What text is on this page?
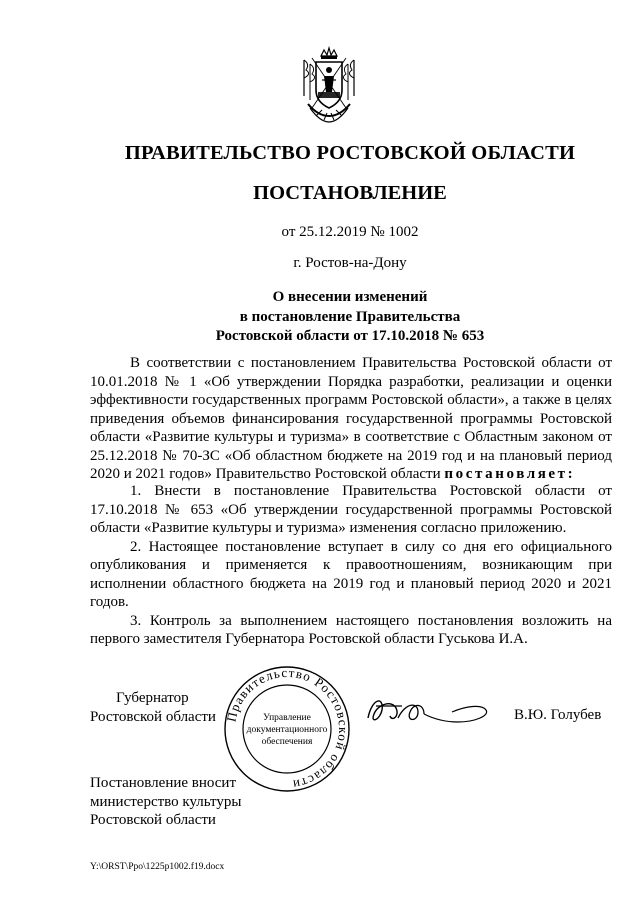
ПРАВИТЕЛЬСТВО РОСТОВСКОЙ ОБЛАСТИ
ПОСТАНОВЛЕНИЕ
от 25.12.2019 № 1002
г. Ростов-на-Дону
О внесении изменений
в постановление Правительства
Ростовской области от 17.10.2018 № 653

В соответствии с постановлением Правительства Ростовской области от 10.01.2018 № 1 «Об утверждении Порядка разработки, реализации и оценки эффективности государственных программ Ростовской области», а также в целях приведения объемов финансирования государственной программы Ростовской области «Развитие культуры и туризма» в соответствие с Областным законом от 25.12.2018 № 70-ЗС «Об областном бюджете на 2019 год и на плановый период 2020 и 2021 годов» Правительство Ростовской области постановляет:

1. Внести в постановление Правительства Ростовской области от 17.10.2018 № 653 «Об утверждении государственной программы Ростовской области «Развитие культуры и туризма» изменения согласно приложению.

2. Настоящее постановление вступает в силу со дня его официального опубликования и применяется к правоотношениям, возникающим при исполнении областного бюджета на 2019 год и плановый период 2020 и 2021 годов.

3. Контроль за выполнением настоящего постановления возложить на первого заместителя Губернатора Ростовской области Гуськова И.А.

Губернатор
Ростовской области Правительство Ростовской области
Управление
документационного
обеспечения
В.Ю. Голубев
Постановление вносит
министерство культуры
Ростовской области
Y:\ORST\Ppo\1225p1002.f19.docx
